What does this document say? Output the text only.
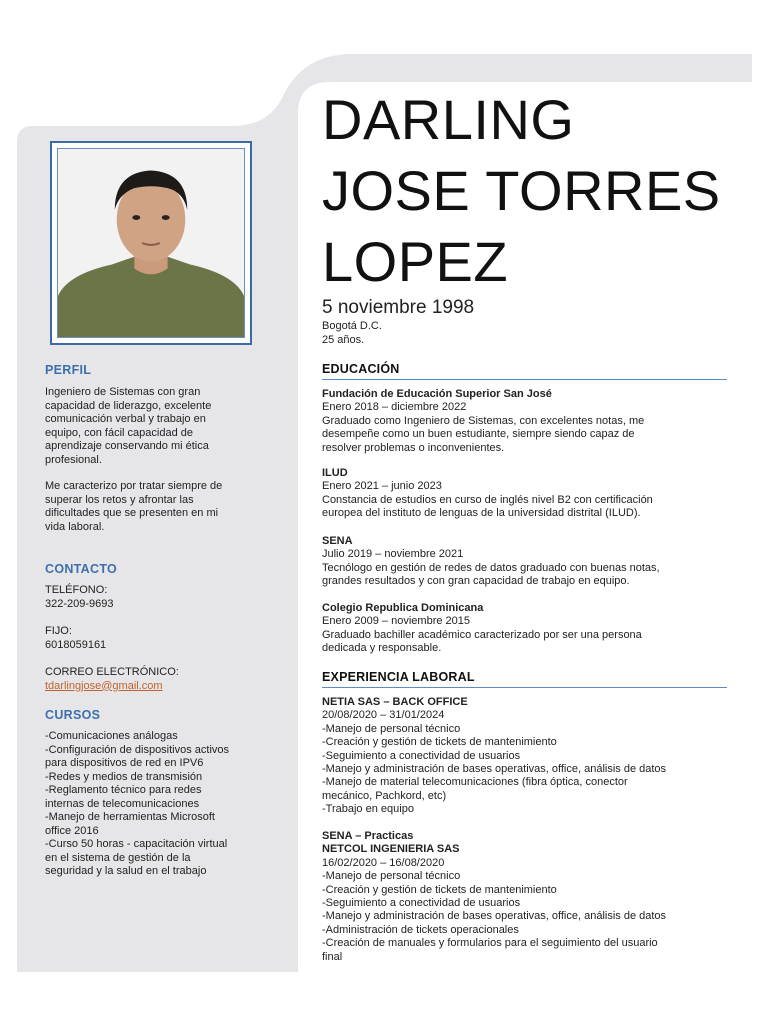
PERFIL

Ingeniero de Sistemas con gran
capacidad de liderazgo, excelente
comunicación verbal y trabajo en
equipo, con fácil capacidad de
aprendizaje conservando mi ética
profesional.

Me caracterizo por tratar siempre de
superar los retos y afrontar las
dificultades que se presenten en mi
vida laboral.

CONTACTO
TELÉFONO:
322-209-9693
FIJO:
6018059161
CORREO ELECTRÓNICO:
tdarlingjose@gmail.com
CURSOS

-Comunicaciones análogas
-Configuración de dispositivos activos
para dispositivos de red en IPV6
-Redes y medios de transmisión
-Reglamento técnico para redes
internas de telecomunicaciones
-Manejo de herramientas Microsoft
office 2016
-Curso 50 horas - capacitación virtual
en el sistema de gestión de la
seguridad y la salud en el trabajo

DARLING
JOSE TORRES
LOPEZ
5 noviembre 1998
Bogotá D.C.
25 años.
EDUCACIÓN
Fundación de Educación Superior San José
Enero 2018 – diciembre 2022
Graduado como Ingeniero de Sistemas, con excelentes notas, me
desempeñe como un buen estudiante, siempre siendo capaz de
resolver problemas o inconvenientes.
ILUD
Enero 2021 – junio 2023
Constancia de estudios en curso de inglés nivel B2 con certificación
europea del instituto de lenguas de la universidad distrital (ILUD).
SENA
Julio 2019 – noviembre 2021
Tecnólogo en gestión de redes de datos graduado con buenas notas,
grandes resultados y con gran capacidad de trabajo en equipo.
Colegio Republica Dominicana
Enero 2009 – noviembre 2015
Graduado bachiller académico caracterizado por ser una persona
dedicada y responsable.
EXPERIENCIA LABORAL
NETIA SAS – BACK OFFICE
20/08/2020 – 31/01/2024
-Manejo de personal técnico
-Creación y gestión de tickets de mantenimiento
-Seguimiento a conectividad de usuarios
-Manejo y administración de bases operativas, office, análisis de datos
-Manejo de material telecomunicaciones (fibra óptica, conector
mecánico, Pachkord, etc)
-Trabajo en equipo
SENA – Practicas
NETCOL INGENIERIA SAS
16/02/2020 – 16/08/2020
-Manejo de personal técnico
-Creación y gestión de tickets de mantenimiento
-Seguimiento a conectividad de usuarios
-Manejo y administración de bases operativas, office, análisis de datos
-Administración de tickets operacionales
-Creación de manuales y formularios para el seguimiento del usuario
final
